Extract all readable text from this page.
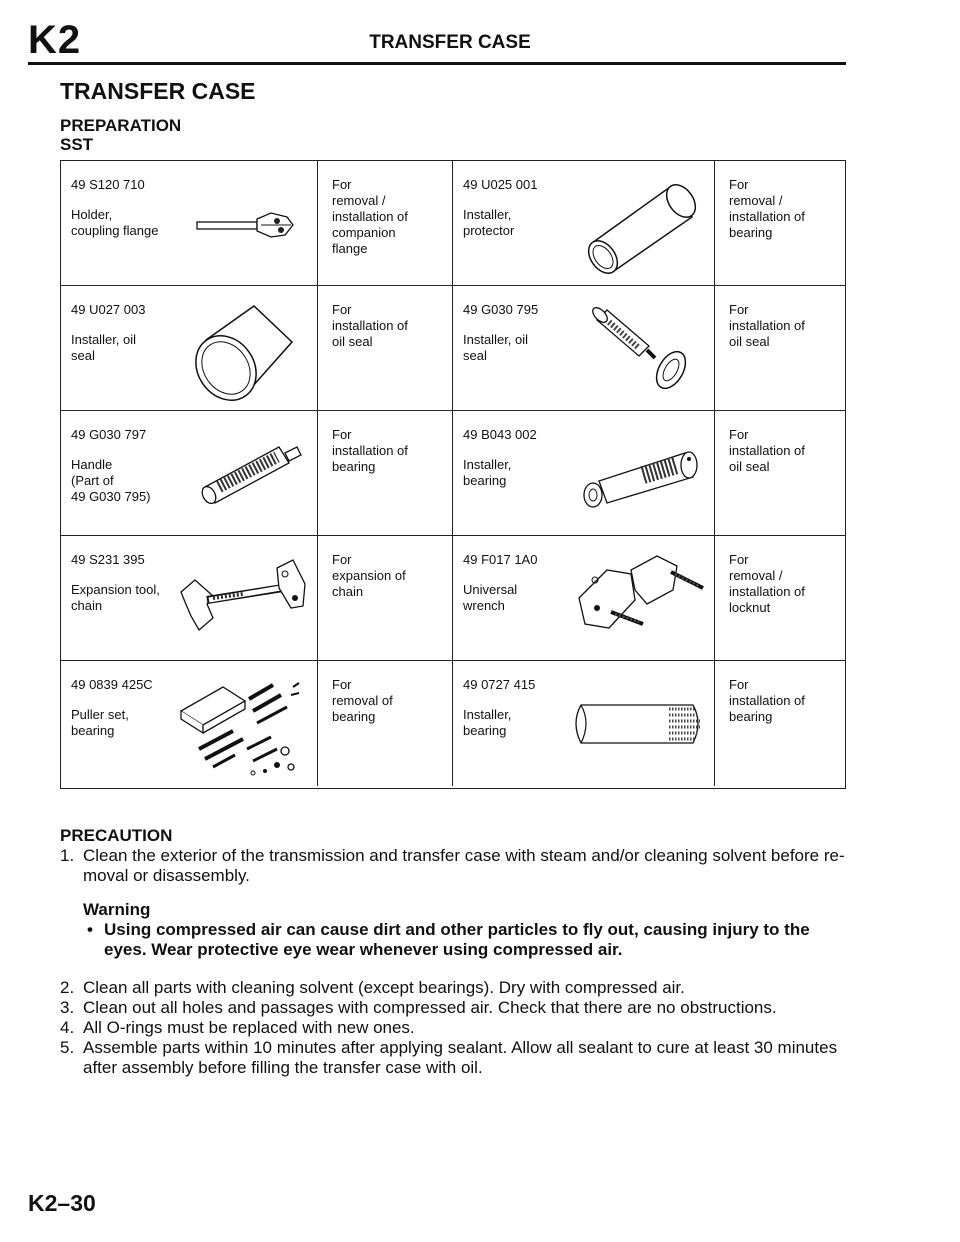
K2	TRANSFER CASE
TRANSFER CASE
PREPARATION
SST
49 S120 710
Holder,
coupling flange
For
removal /
installation of
companion
flange
49 U025 001
Installer,
protector
For
removal /
installation of
bearing
49 U027 003
Installer, oil
seal
For
installation of
oil seal
49 G030 795
Installer, oil
seal
For
installation of
oil seal
49 G030 797
Handle
(Part of
49 G030 795)
For
installation of
bearing
49 B043 002
Installer,
bearing
For
installation of
oil seal
49 S231 395
Expansion tool,
chain
For
expansion of
chain
49 F017 1A0
Universal
wrench
For
removal /
installation of
locknut
49 0839 425C
Puller set,
bearing
For
removal of
bearing
49 0727 415
Installer,
bearing
For
installation of
bearing
PRECAUTION
1. Clean the exterior of the transmission and transfer case with steam and/or cleaning solvent before re-moval or disassembly.
Warning
• Using compressed air can cause dirt and other particles to fly out, causing injury to the eyes. Wear protective eye wear whenever using compressed air.
2. Clean all parts with cleaning solvent (except bearings). Dry with compressed air.
3. Clean out all holes and passages with compressed air. Check that there are no obstructions.
4. All O-rings must be replaced with new ones.
5. Assemble parts within 10 minutes after applying sealant. Allow all sealant to cure at least 30 minutes after assembly before filling the transfer case with oil.
K2–30
